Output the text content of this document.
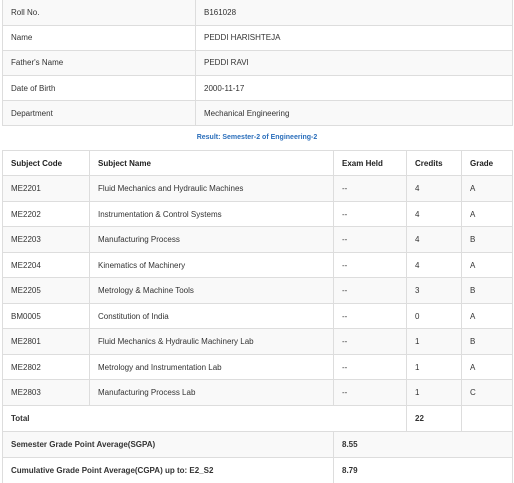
Roll No.	B161028
Name	PEDDI HARISHTEJA
Father's Name	PEDDI RAVI
Date of Birth	2000-11-17
Department	Mechanical Engineering
Result: Semester-2 of Engineering-2
Subject Code	Subject Name	Exam Held	Credits	Grade
ME2201	Fluid Mechanics and Hydraulic Machines	--	4	A
ME2202	Instrumentation & Control Systems	--	4	A
ME2203	Manufacturing Process	--	4	B
ME2204	Kinematics of Machinery	--	4	A
ME2205	Metrology & Machine Tools	--	3	B
BM0005	Constitution of India	--	0	A
ME2801	Fluid Mechanics & Hydraulic Machinery Lab	--	1	B
ME2802	Metrology and Instrumentation Lab	--	1	A
ME2803	Manufacturing Process Lab	--	1	C
Total			22	
Semester Grade Point Average(SGPA)		8.55		
Cumulative Grade Point Average(CGPA) up to: E2_S2		8.79		
